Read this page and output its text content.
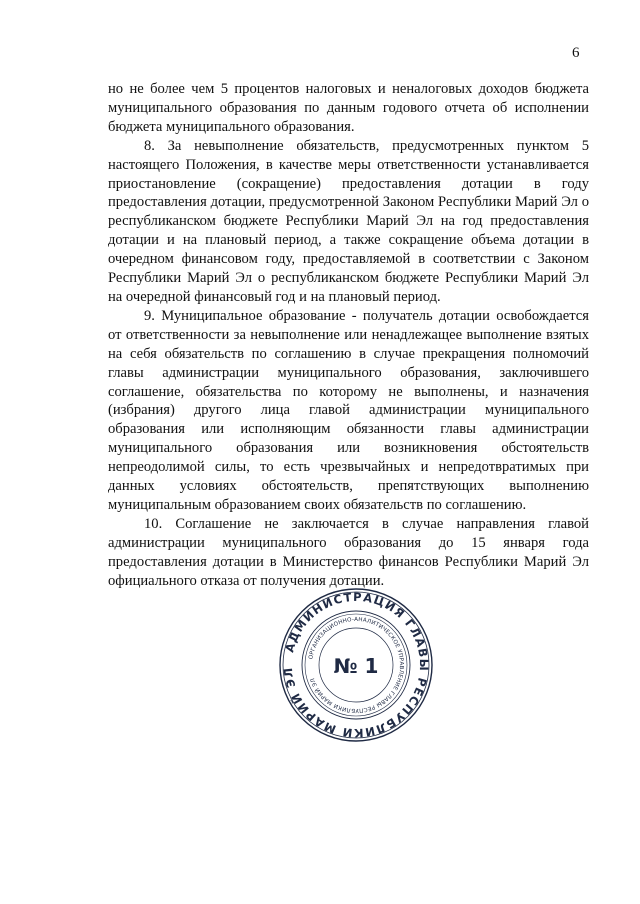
6

но не более чем 5 процентов налоговых и неналоговых доходов бюджета муниципального образования по данным годового отчета об исполнении бюджета муниципального образования.

8. За невыполнение обязательств, предусмотренных пунктом 5 настоящего Положения, в качестве меры ответственности устанавливается приостановление (сокращение) предоставления дотации в году предоставления дотации, предусмотренной Законом Республики Марий Эл о республиканском бюджете Республики Марий Эл на год предоставления дотации и на плановый период, а также сокращение объема дотации в очередном финансовом году, предоставляемой в соответствии с Законом Республики Марий Эл о республиканском бюджете Республики Марий Эл на очередной финансовый год и на плановый период.

9. Муниципальное образование - получатель дотации освобождается от ответственности за невыполнение или ненадлежащее выполнение взятых на себя обязательств по соглашению в случае прекращения полномочий главы администрации муниципального образования, заключившего соглашение, обязательства по которому не выполнены, и назначения (избрания) другого лица главой администрации муниципального образования или исполняющим обязанности главы администрации муниципального образования или возникновения обстоятельств непреодолимой силы, то есть чрезвычайных и непредотвратимых при данных условиях обстоятельств, препятствующих выполнению муниципальным образованием своих обязательств по соглашению.

10. Соглашение не заключается в случае направления главой администрации муниципального образования до 15 января года предоставления дотации в Министерство финансов Республики Марий Эл официального отказа от получения дотации.

АДМИНИСТРАЦИЯ ГЛАВЫ РЕСПУБЛИКИ МАРИЙ ЭЛ
ОРГАНИЗАЦИОННО-АНАЛИТИЧЕСКОЕ УПРАВЛЕНИЕ ГЛАВЫ РЕСПУБЛИКИ МАРИЙ ЭЛ
№ 1
